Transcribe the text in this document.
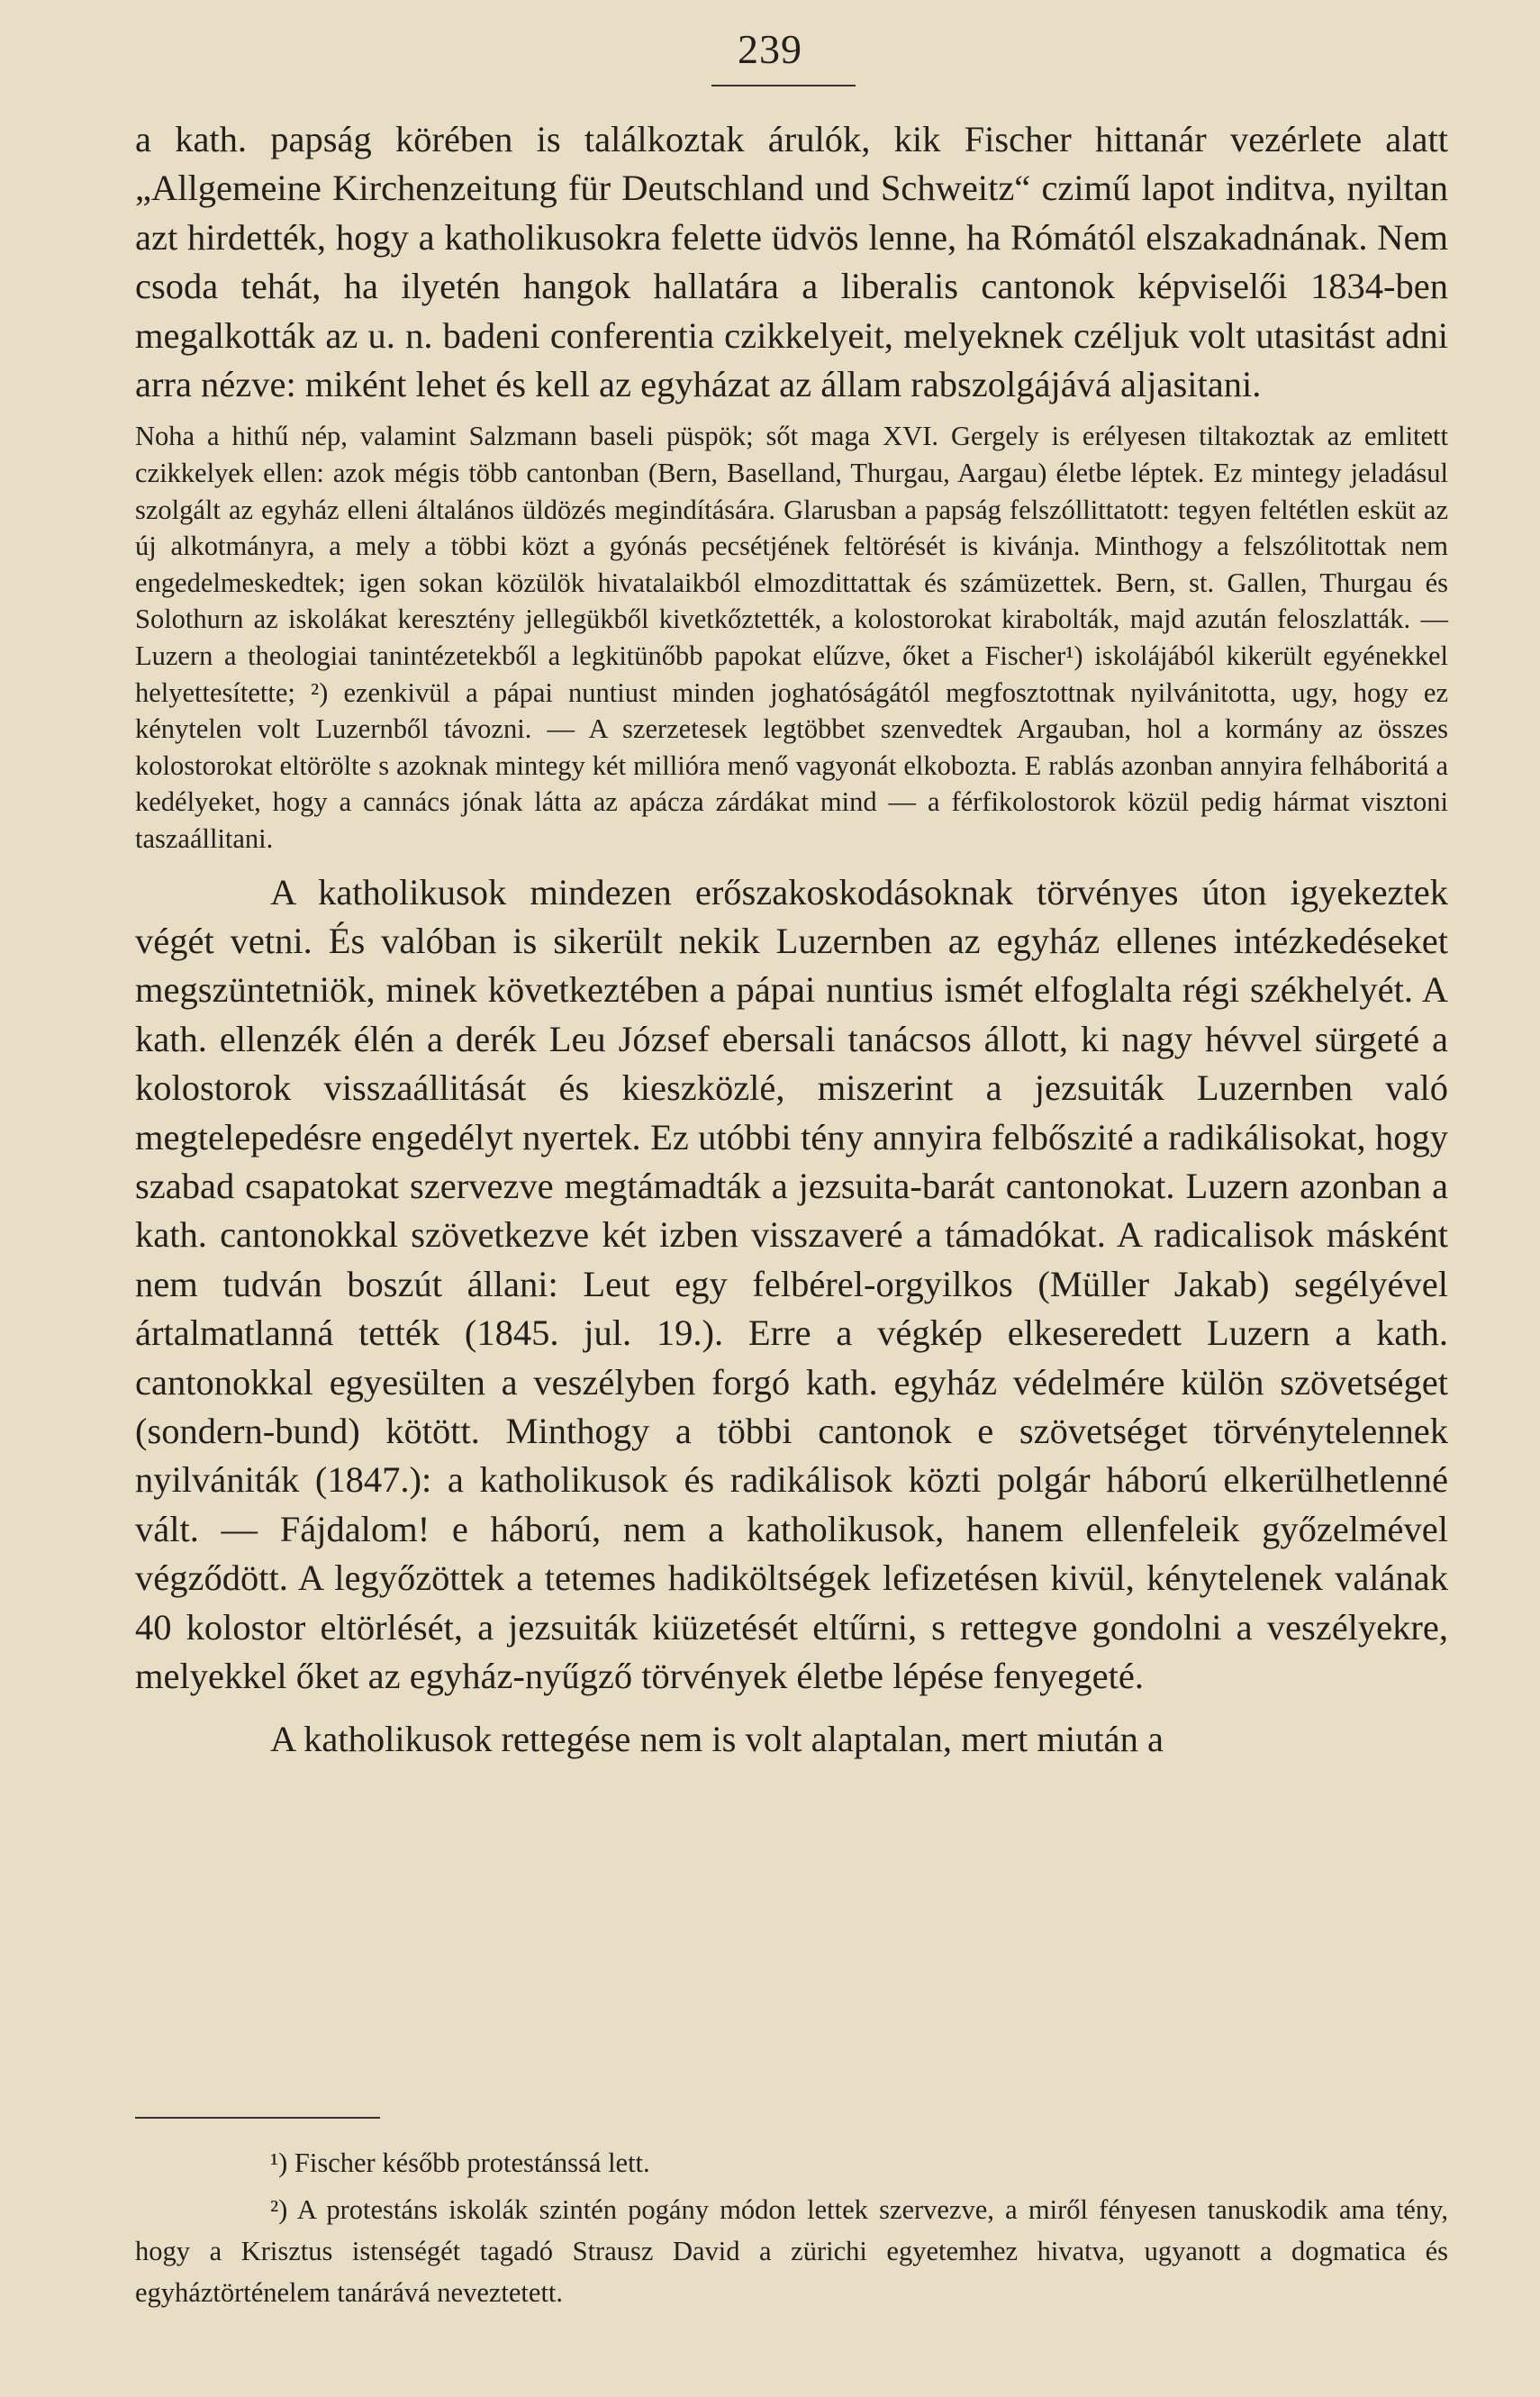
239

a kath. papság körében is találkoztak árulók, kik Fischer hittanár vezérlete alatt „Allgemeine Kirchenzeitung für Deutschland und Schweitz“ czimű lapot inditva, nyiltan azt hirdették, hogy a katholikusokra felette üdvös lenne, ha Rómától elszakadnának. Nem csoda tehát, ha ilyetén hangok hallatára a liberalis cantonok képviselői 1834-ben megalkották az u. n. badeni conferentia czikkelyeit, melyeknek czéljuk volt utasitást adni arra nézve: miként lehet és kell az egyházat az állam rabszolgájává aljasitani.

Noha a hithű nép, valamint Salzmann baseli püspök; sőt maga XVI. Gergely is erélyesen tiltakoztak az emlitett czikkelyek ellen: azok mégis több cantonban (Bern, Baselland, Thurgau, Aargau) életbe léptek. Ez mintegy jeladásul szolgált az egyház elleni általános üldözés megindítására. Glarusban a papság felszóllittatott: tegyen feltétlen esküt az új alkotmányra, a mely a többi közt a gyónás pecsétjének feltörését is kivánja. Minthogy a felszólitottak nem engedelmeskedtek; igen sokan közülök hivatalaikból elmozdittattak és számüzettek. Bern, st. Gallen, Thurgau és Solothurn az iskolákat keresztény jellegükből kivetkőztették, a kolostorokat kirabolták, majd azután feloszlatták. — Luzern a theologiai tanintézetekből a legkitünőbb papokat elűzve, őket a Fischer¹) iskolájából kikerült egyénekkel helyettesítette; ²) ezenkivül a pápai nuntiust minden joghatóságától megfosztottnak nyilvánitotta, ugy, hogy ez kénytelen volt Luzernből távozni. — A szerzetesek legtöbbet szenvedtek Argauban, hol a kormány az összes kolostorokat eltörölte s azoknak mintegy két millióra menő vagyonát elkobozta. E rablás azonban annyira felháboritá a kedélyeket, hogy a cannács jónak látta az apácza zárdákat mind — a férfikolostorok közül pedig hármat visztoni taszaállitani.

A katholikusok mindezen erőszakoskodásoknak törvényes úton igyekeztek végét vetni. És valóban is sikerült nekik Luzernben az egyház ellenes intézkedéseket megszüntetniök, minek következtében a pápai nuntius ismét elfoglalta régi székhelyét. A kath. ellenzék élén a derék Leu József ebersali tanácsos állott, ki nagy hévvel sürgeté a kolostorok visszaállitását és kieszközlé, miszerint a jezsuiták Luzernben való megtelepedésre engedélyt nyertek. Ez utóbbi tény annyira felbőszité a radikálisokat, hogy szabad csapatokat szervezve megtámadták a jezsuita-barát cantonokat. Luzern azonban a kath. cantonokkal szövetkezve két izben visszaveré a támadókat. A radicalisok másként nem tudván boszút állani: Leut egy felbérel-orgyilkos (Müller Jakab) segélyével ártalmatlanná tették (1845. jul. 19.). Erre a végkép elkeseredett Luzern a kath. cantonokkal egyesülten a veszélyben forgó kath. egyház védelmére külön szövetséget (sondern-bund) kötött. Minthogy a többi cantonok e szövetséget törvénytelennek nyilvániták (1847.): a katholikusok és radikálisok közti polgár háború elkerülhetlenné vált. — Fájdalom! e háború, nem a katholikusok, hanem ellenfeleik győzelmével végződött. A legyőzöttek a tetemes hadiköltségek lefizetésen kivül, kénytelenek valának 40 kolostor eltörlését, a jezsuiták kiüzetését eltűrni, s rettegve gondolni a veszélyekre, melyekkel őket az egyház-nyűgző törvények életbe lépése fenyegeté.

A katholikusok rettegése nem is volt alaptalan, mert miután a

¹) Fischer később protestánssá lett.

²) A protestáns iskolák szintén pogány módon lettek szervezve, a miről fényesen tanuskodik ama tény, hogy a Krisztus istenségét tagadó Strausz David a zürichi egyetemhez hivatva, ugyanott a dogmatica és egyháztörténelem tanárává neveztetett.
